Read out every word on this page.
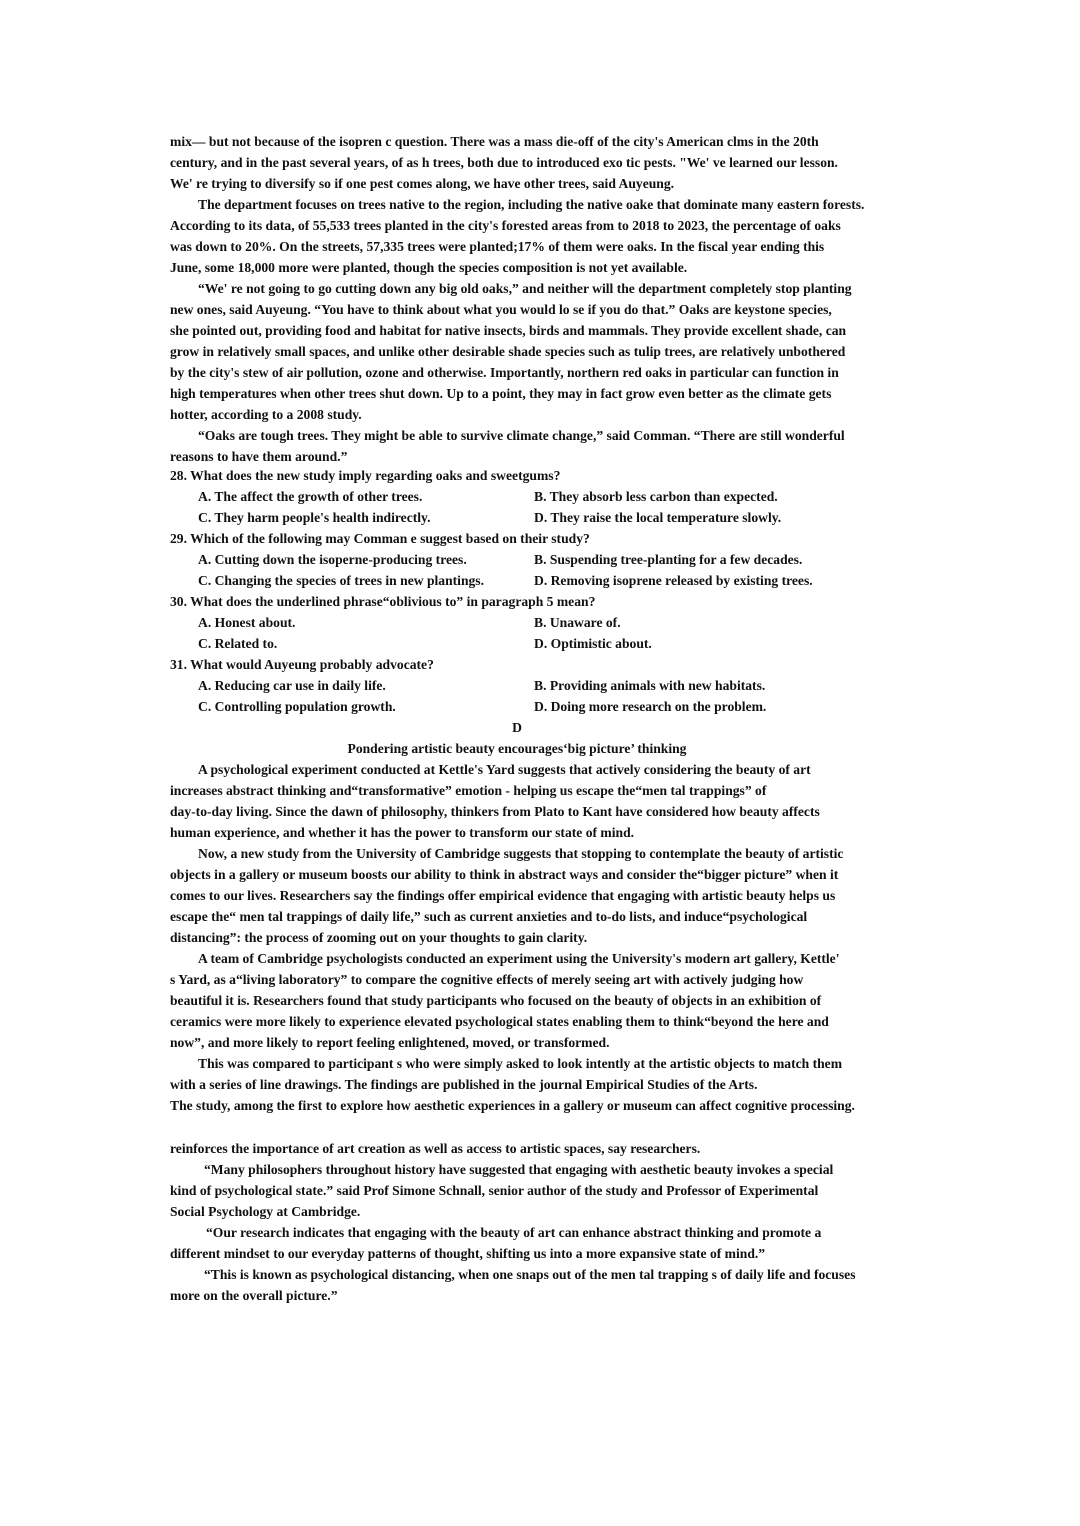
mix— but not because of the isopren c question. There was a mass die-off of the city's American clms in the 20th
century, and in the past several years, of as h trees, both due to introduced exo tic pests. "We' ve learned our lesson.
We' re trying to diversify so if one pest comes along, we have other trees, said Auyeung.
The department focuses on trees native to the region, including the native oake that dominate many eastern forests.
According to its data, of 55,533 trees planted in the city's forested areas from to 2018 to 2023, the percentage of oaks
was down to 20%. On the streets, 57,335 trees were planted;17% of them were oaks. In the fiscal year ending this
June, some 18,000 more were planted, though the species composition is not yet available.
“We' re not going to go cutting down any big old oaks,” and neither will the department completely stop planting
new ones, said Auyeung. “You have to think about what you would lo se if you do that.” Oaks are keystone species,
she pointed out, providing food and habitat for native insects, birds and mammals. They provide excellent shade, can
grow in relatively small spaces, and unlike other desirable shade species such as tulip trees, are relatively unbothered
by the city's stew of air pollution, ozone and otherwise. Importantly, northern red oaks in particular can function in
high temperatures when other trees shut down. Up to a point, they may in fact grow even better as the climate gets
hotter, according to a 2008 study.
“Oaks are tough trees. They might be able to survive climate change,” said Comman. “There are still wonderful
reasons to have them around.”
28. What does the new study imply regarding oaks and sweetgums?
A. The affect the growth of other trees.	B. They absorb less carbon than expected.
C. They harm people's health indirectly.	D. They raise the local temperature slowly.
29. Which of the following may Comman e suggest based on their study?
A. Cutting down the isoperne-producing trees.	B. Suspending tree-planting for a few decades.
C. Changing the species of trees in new plantings.	D. Removing isoprene released by existing trees.
30. What does the underlined phrase“oblivious to” in paragraph 5 mean?
A. Honest about.	B. Unaware of.
C. Related to.	D. Optimistic about.
31. What would Auyeung probably advocate?
A. Reducing car use in daily life.	B. Providing animals with new habitats.
C. Controlling population growth.	D. Doing more research on the problem.
D
Pondering artistic beauty encourages‘big picture’ thinking
A psychological experiment conducted at Kettle's Yard suggests that actively considering the beauty of art
increases abstract thinking and“transformative” emotion - helping us escape the“men tal trappings” of
day-to-day living. Since the dawn of philosophy, thinkers from Plato to Kant have considered how beauty affects
human experience, and whether it has the power to transform our state of mind.
Now, a new study from the University of Cambridge suggests that stopping to contemplate the beauty of artistic
objects in a gallery or museum boosts our ability to think in abstract ways and consider the“bigger picture” when it
comes to our lives. Researchers say the findings offer empirical evidence that engaging with artistic beauty helps us
escape the“ men tal trappings of daily life,” such as current anxieties and to-do lists, and induce“psychological
distancing”: the process of zooming out on your thoughts to gain clarity.
A team of Cambridge psychologists conducted an experiment using the University's modern art gallery, Kettle'
s Yard, as a“living laboratory” to compare the cognitive effects of merely seeing art with actively judging how
beautiful it is. Researchers found that study participants who focused on the beauty of objects in an exhibition of
ceramics were more likely to experience elevated psychological states enabling them to think“beyond the here and
now”, and more likely to report feeling enlightened, moved, or transformed.
This was compared to participant s who were simply asked to look intently at the artistic objects to match them
with a series of line drawings. The findings are published in the journal Empirical Studies of the Arts.
The study, among the first to explore how aesthetic experiences in a gallery or museum can affect cognitive processing.
reinforces the importance of art creation as well as access to artistic spaces, say researchers.
“Many philosophers throughout history have suggested that engaging with aesthetic beauty invokes a special
kind of psychological state.” said Prof Simone Schnall, senior author of the study and Professor of Experimental
Social Psychology at Cambridge.
“Our research indicates that engaging with the beauty of art can enhance abstract thinking and promote a
different mindset to our everyday patterns of thought, shifting us into a more expansive state of mind.”
“This is known as psychological distancing, when one snaps out of the men tal trapping s of daily life and focuses
more on the overall picture.”
